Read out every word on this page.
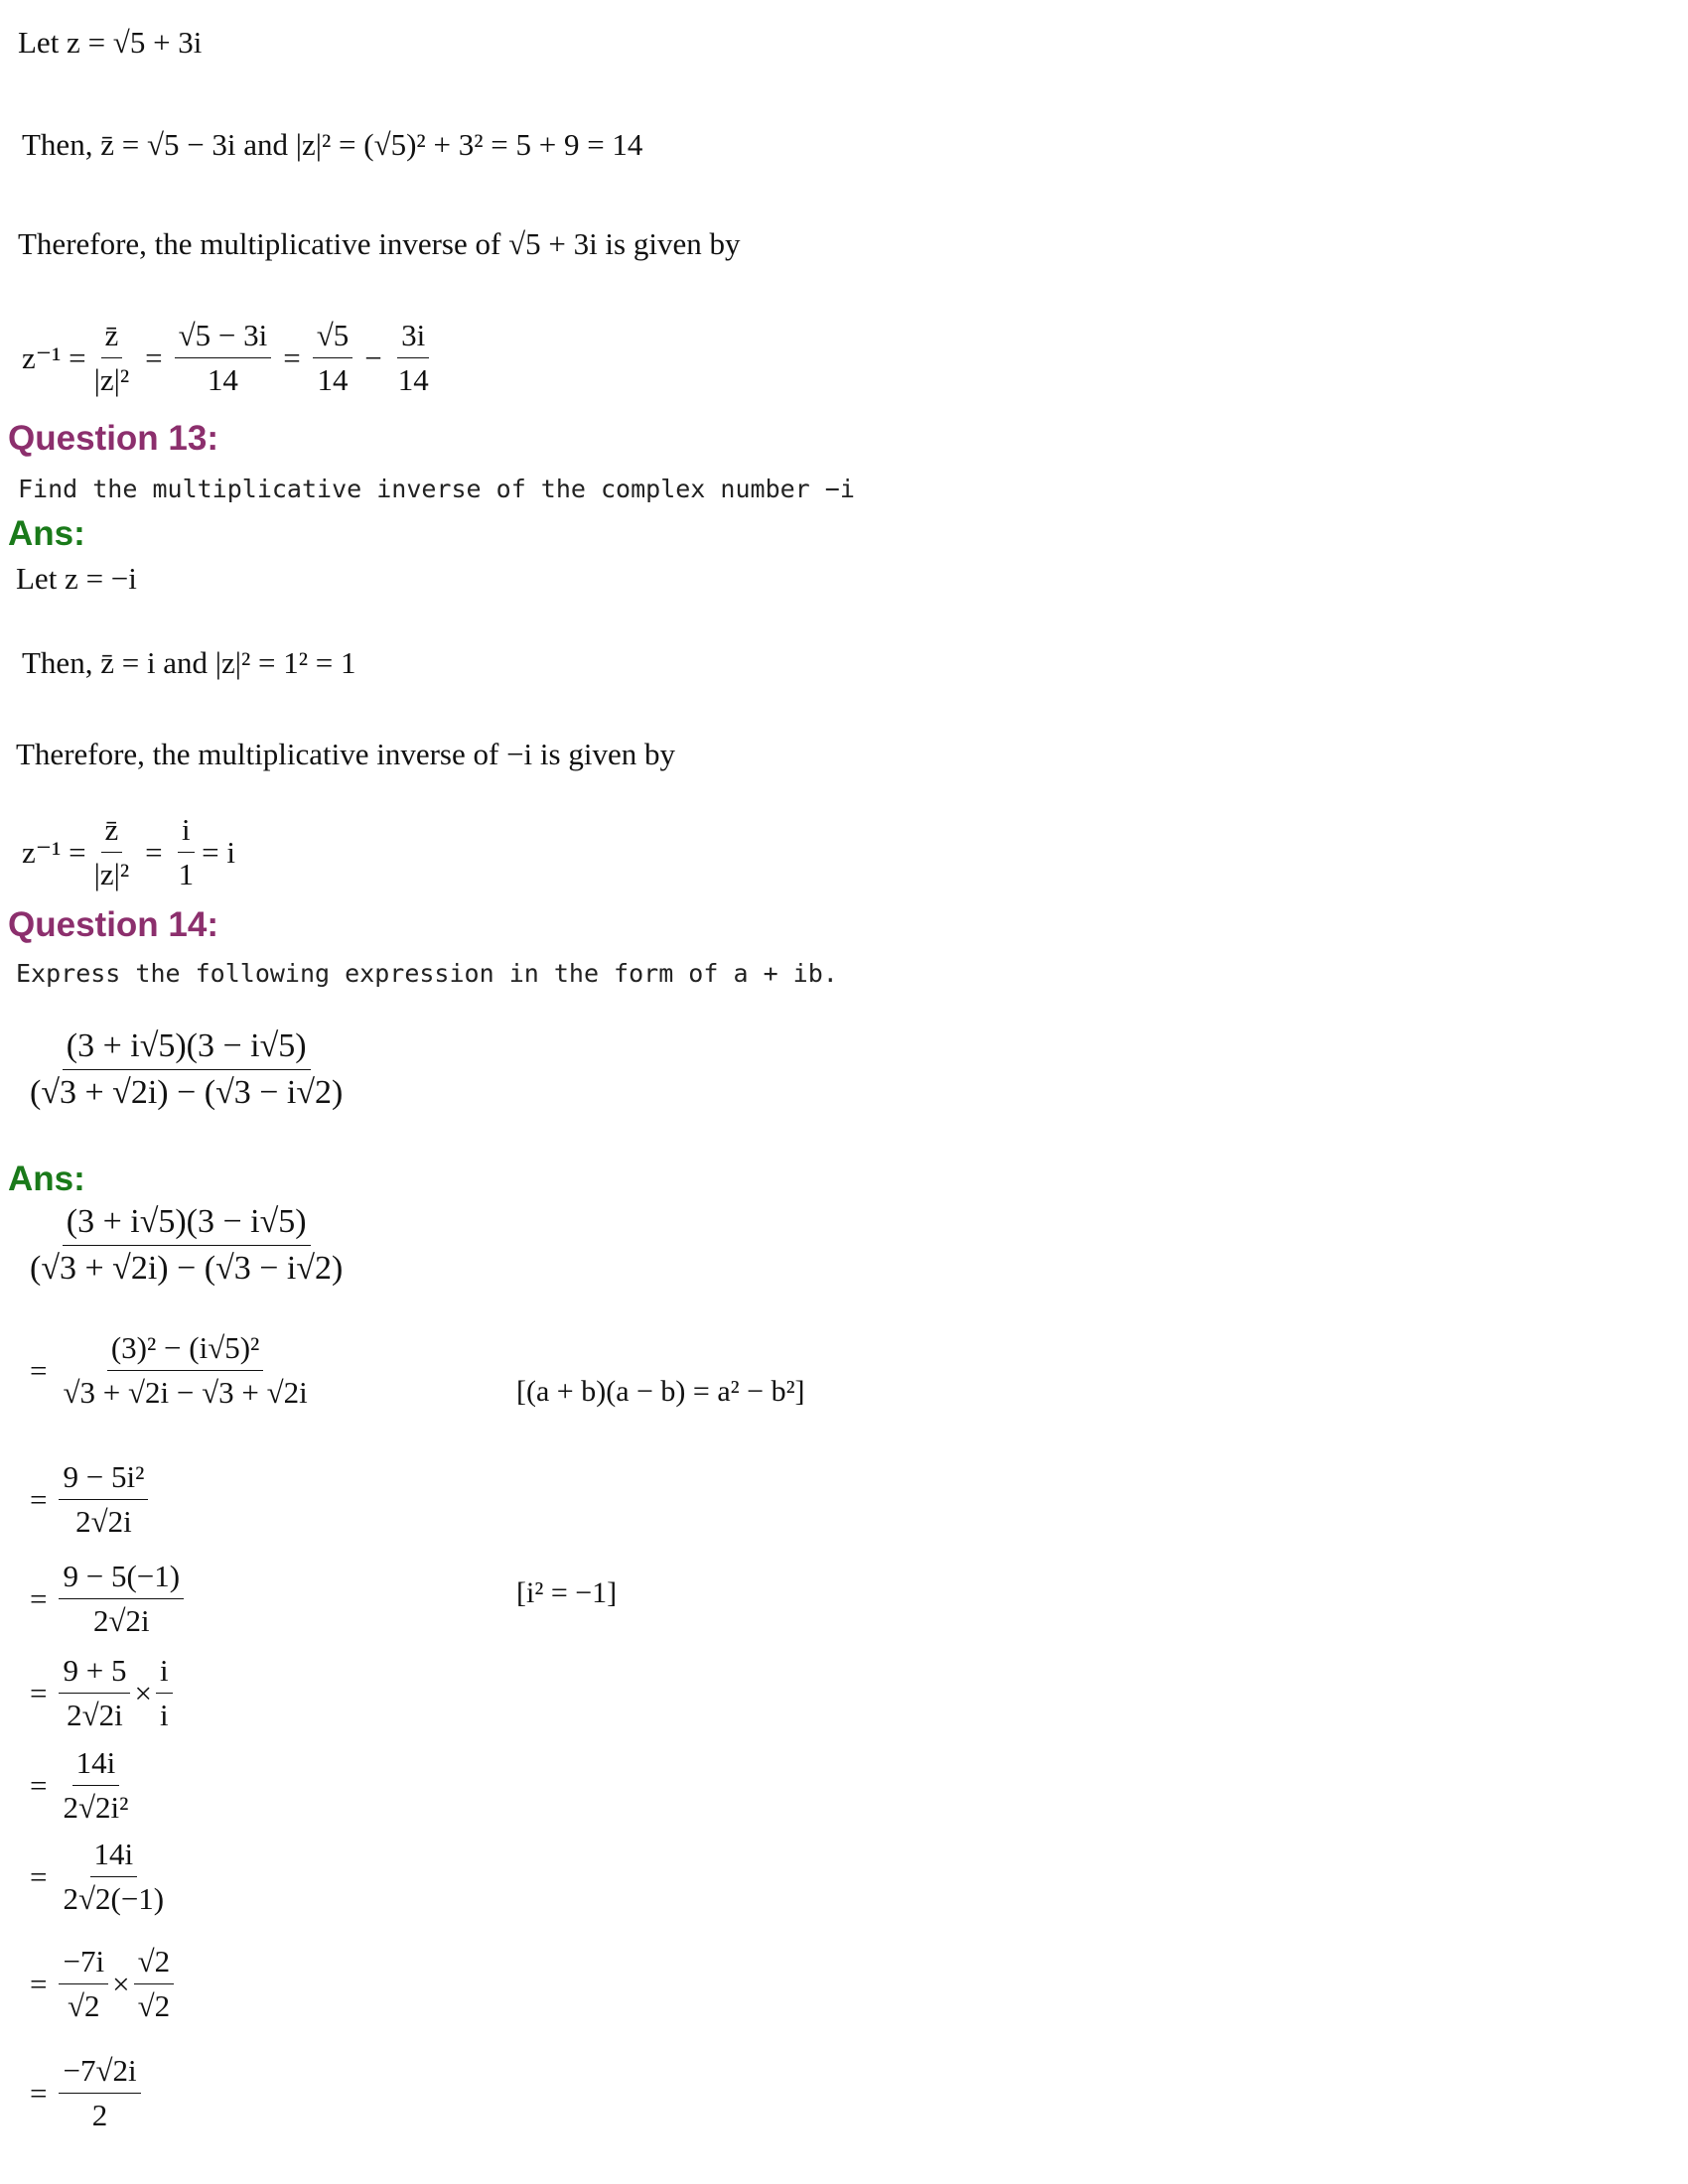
Let z = √5 + 3i
Then, z̄ = √5 − 3i and |z|² = (√5)² + 3² = 5 + 9 = 14
Therefore, the multiplicative inverse of √5 + 3i is given by
$z^{-1} = \frac{z̄}{\text{|z|²}} = \frac{√5 - 3i}{14} = \frac{√5}{14} - \frac{3i}{14}$
Question 13:
Find the multiplicative inverse of the complex number −i
Ans:
Let z = −i
Then, z̄ = i and |z|² = 1² = 1
Therefore, the multiplicative inverse of −i is given by
$z^{-1} = \frac{z̄}{\text{|z|²}} = \frac{i}{1} = i$
Question 14:
Express the following expression in the form of a + ib.
$\frac{(3 + i√5)(3 - i√5)}{(√3 + √2i) - (√3 - i√2)}$
Ans:
$\frac{(3 + i√5)(3 - i√5)}{(√3 + √2i) - (√3 - i√2)}$
= $\frac{\text{(3)² − (i√5)²}}{√3 + √2i - √3 + √2i}$	[(a + b)(a − b) = a² − b²]
= $\frac{\text{9 − 5i²}}{2√2i}$
= $\frac{9 - 5(-1)}{2√2i}$	[i² = −1]
= $\frac{9 + 5}{2√2i} \times \frac{i}{i}$
= $\frac{14i}{\text{2√2i²}}$
= $\frac{14i}{2√2(-1)}$
= $\frac{-7i}{√2} \times \frac{√2}{√2}$
= $\frac{-7√2i}{2}$
